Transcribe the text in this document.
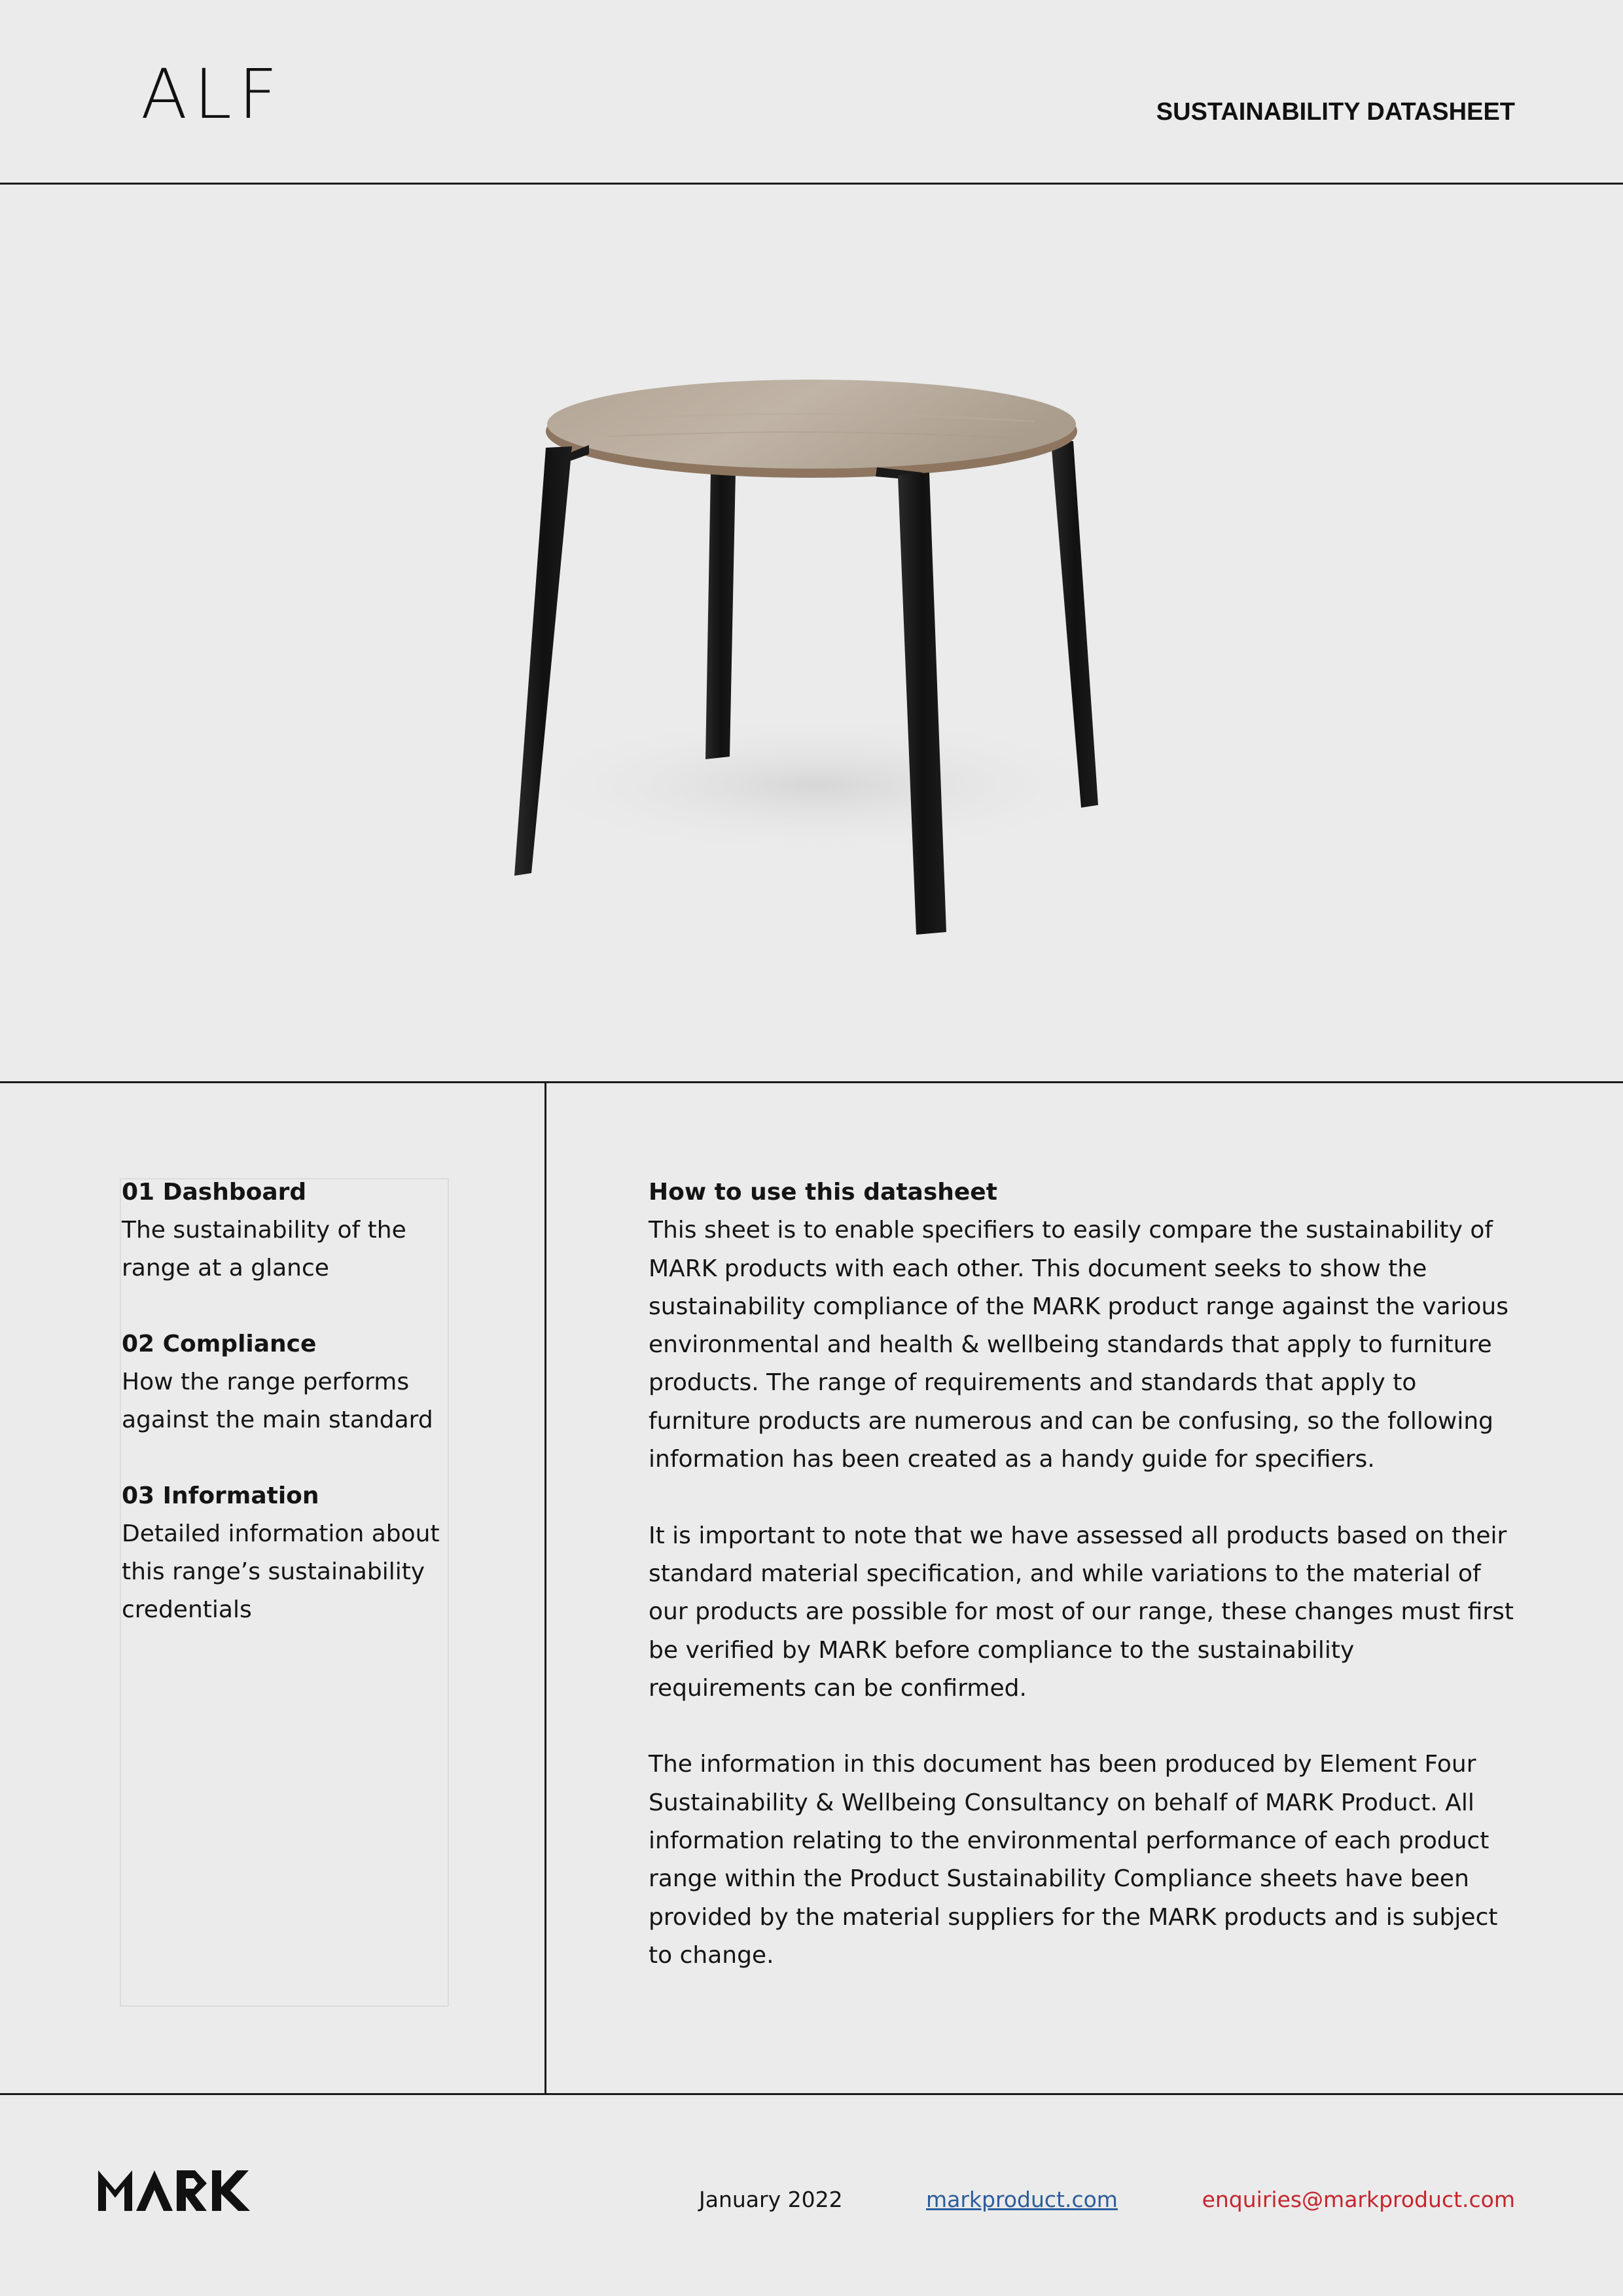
ALF	SUSTAINABILITY DATASHEET
01 Dashboard
The sustainability of the range at a glance
02 Compliance
How the range performs against the main standard
03 Information
Detailed information about this range’s sustainability credentials
How to use this datasheet

This sheet is to enable specifiers to easily compare the sustainability of MARK products with each other. This document seeks to show the sustainability compliance of the MARK product range against the various environmental and health & wellbeing standards that apply to furniture products. The range of requirements and standards that apply to furniture products are numerous and can be confusing, so the following information has been created as a handy guide for specifiers.

It is important to note that we have assessed all products based on their standard material specification, and while variations to the material of our products are possible for most of our range, these changes must first be verified by MARK before compliance to the sustainability requirements can be confirmed.

The information in this document has been produced by Element Four Sustainability & Wellbeing Consultancy on behalf of MARK Product. All information relating to the environmental performance of each product range within the Product Sustainability Compliance sheets have been provided by the material suppliers for the MARK products and is subject to change.

January 2022	markproduct.com	enquiries@markproduct.com
